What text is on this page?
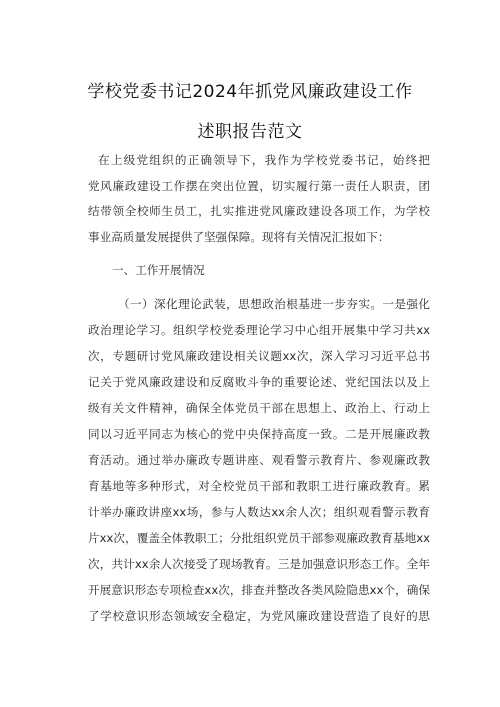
学校党委书记2024年抓党风廉政建设工作
述职报告范文
在上级党组织的正确领导下，我作为学校党委书记，始终把
党风廉政建设工作摆在突出位置，切实履行第一责任人职责，团
结带领全校师生员工，扎实推进党风廉政建设各项工作，为学校
事业高质量发展提供了坚强保障。现将有关情况汇报如下：
一、工作开展情况
（一）深化理论武装，思想政治根基进一步夯实。一是强化
政治理论学习。组织学校党委理论学习中心组开展集中学习共xx
次，专题研讨党风廉政建设相关议题xx次，深入学习习近平总书
记关于党风廉政建设和反腐败斗争的重要论述、党纪国法以及上
级有关文件精神，确保全体党员干部在思想上、政治上、行动上
同以习近平同志为核心的党中央保持高度一致。二是开展廉政教
育活动。通过举办廉政专题讲座、观看警示教育片、参观廉政教
育基地等多种形式，对全校党员干部和教职工进行廉政教育。累
计举办廉政讲座xx场，参与人数达xx余人次；组织观看警示教育
片xx次，覆盖全体教职工；分批组织党员干部参观廉政教育基地xx
次，共计xx余人次接受了现场教育。三是加强意识形态工作。全年
开展意识形态专项检查xx次，排查并整改各类风险隐患xx个，确保
了学校意识形态领域安全稳定，为党风廉政建设营造了良好的思
